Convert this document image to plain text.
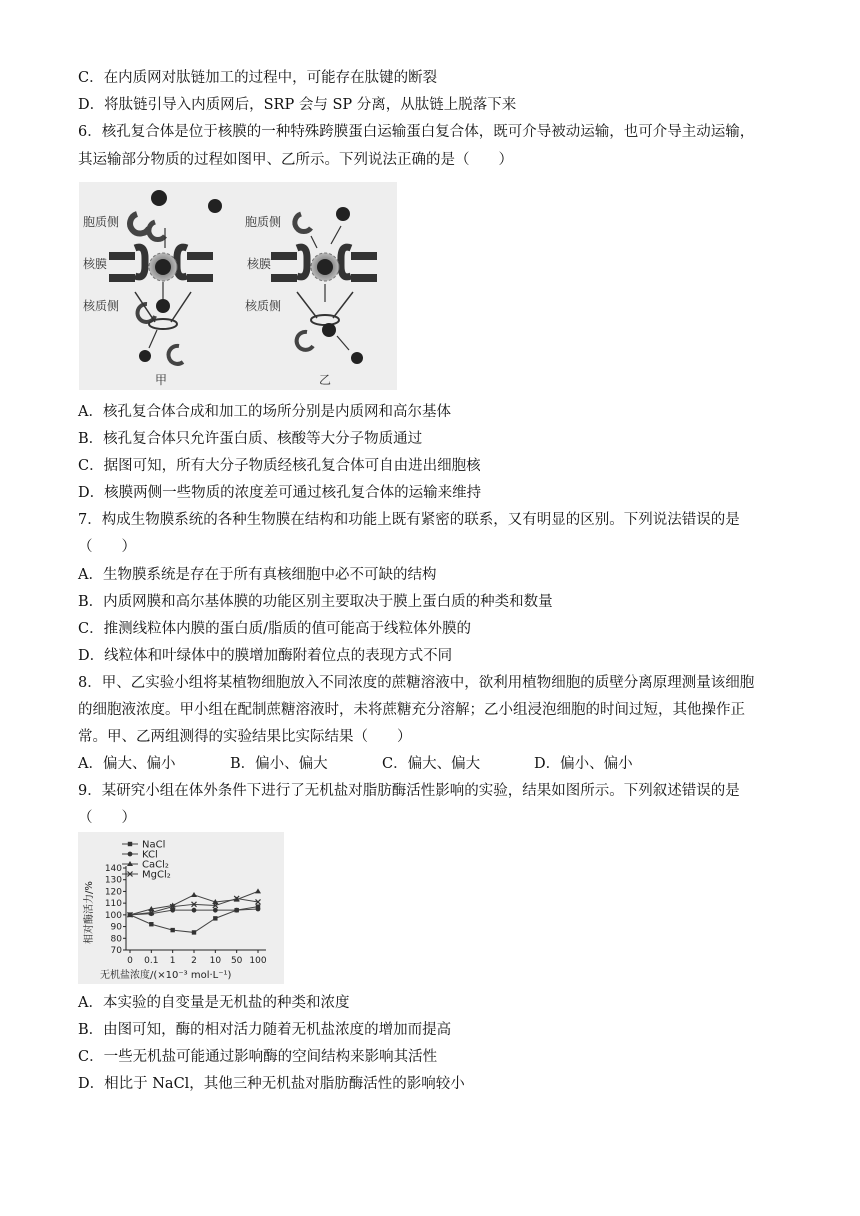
C．在内质网对肽链加工的过程中，可能存在肽键的断裂
D．将肽链引导入内质网后，SRP 会与 SP 分离，从肽链上脱落下来
6．核孔复合体是位于核膜的一种特殊跨膜蛋白运输蛋白复合体，既可介导被动运输，也可介导主动运输，
其运输部分物质的过程如图甲、乙所示。下列说法正确的是（　　）
胞质侧
核膜
核质侧
胞质侧
核膜
核质侧
甲	乙
A．核孔复合体合成和加工的场所分别是内质网和高尔基体
B．核孔复合体只允许蛋白质、核酸等大分子物质通过
C．据图可知，所有大分子物质经核孔复合体可自由进出细胞核
D．核膜两侧一些物质的浓度差可通过核孔复合体的运输来维持
7．构成生物膜系统的各种生物膜在结构和功能上既有紧密的联系，又有明显的区别。下列说法错误的是
（　　）
A．生物膜系统是存在于所有真核细胞中必不可缺的结构
B．内质网膜和高尔基体膜的功能区别主要取决于膜上蛋白质的种类和数量
C．推测线粒体内膜的蛋白质/脂质的值可能高于线粒体外膜的
D．线粒体和叶绿体中的膜增加酶附着位点的表现方式不同
8．甲、乙实验小组将某植物细胞放入不同浓度的蔗糖溶液中，欲利用植物细胞的质壁分离原理测量该细胞
的细胞液浓度。甲小组在配制蔗糖溶液时，未将蔗糖充分溶解；乙小组浸泡细胞的时间过短，其他操作正
常。甲、乙两组测得的实验结果比实际结果（　　）
A．偏大、偏小	B．偏小、偏大	C．偏大、偏大	D．偏小、偏小
9．某研究小组在体外条件下进行了无机盐对脂肪酶活性影响的实验，结果如图所示。下列叙述错误的是
（　　）
NaCl
KCl
CaCl₂
MgCl₂
相对酶活力/%
无机盐浓度/(×10⁻³ mol·L⁻¹)
70
80
90
100
110
120
130
140
0 0.1 1 2 10 50 100
A．本实验的自变量是无机盐的种类和浓度
B．由图可知，酶的相对活力随着无机盐浓度的增加而提高
C．一些无机盐可能通过影响酶的空间结构来影响其活性
D．相比于 NaCl，其他三种无机盐对脂肪酶活性的影响较小
